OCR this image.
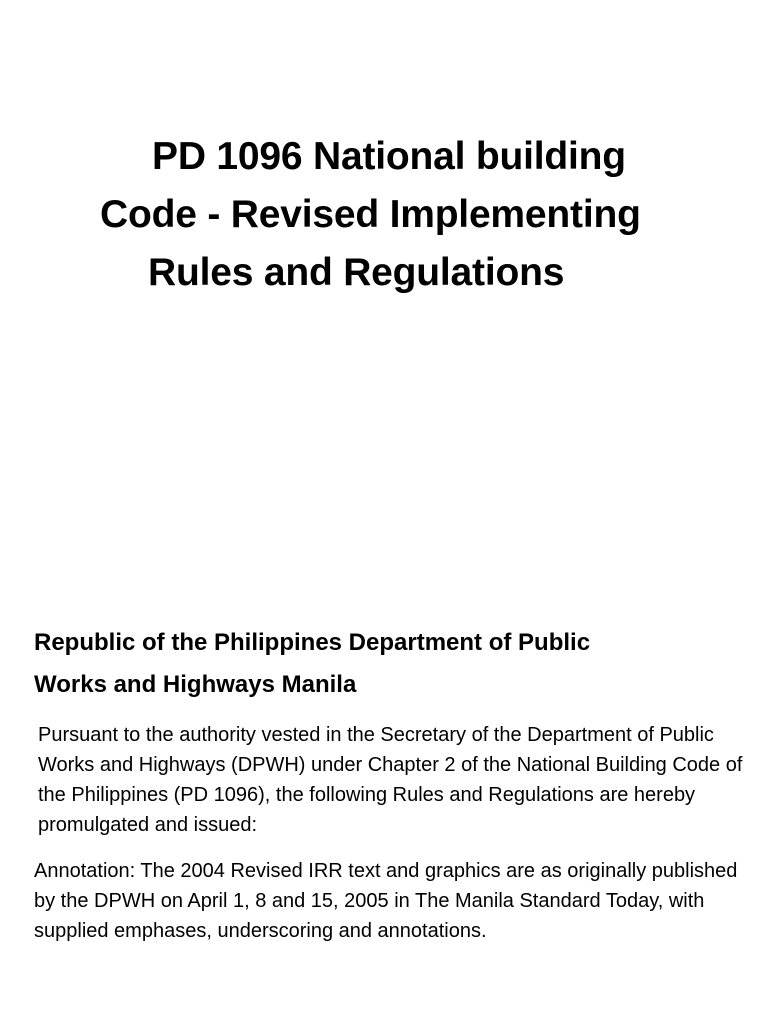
PD 1096 National building
Code - Revised Implementing
Rules and Regulations
Republic of the Philippines Department of Public
Works and Highways Manila

Pursuant to the authority vested in the Secretary of the Department of Public Works and Highways (DPWH) under Chapter 2 of the National Building Code of the Philippines (PD 1096), the following Rules and Regulations are hereby promulgated and issued:

Annotation: The 2004 Revised IRR text and graphics are as originally published by the DPWH on April 1, 8 and 15, 2005 in The Manila Standard Today, with supplied emphases, underscoring and annotations.
